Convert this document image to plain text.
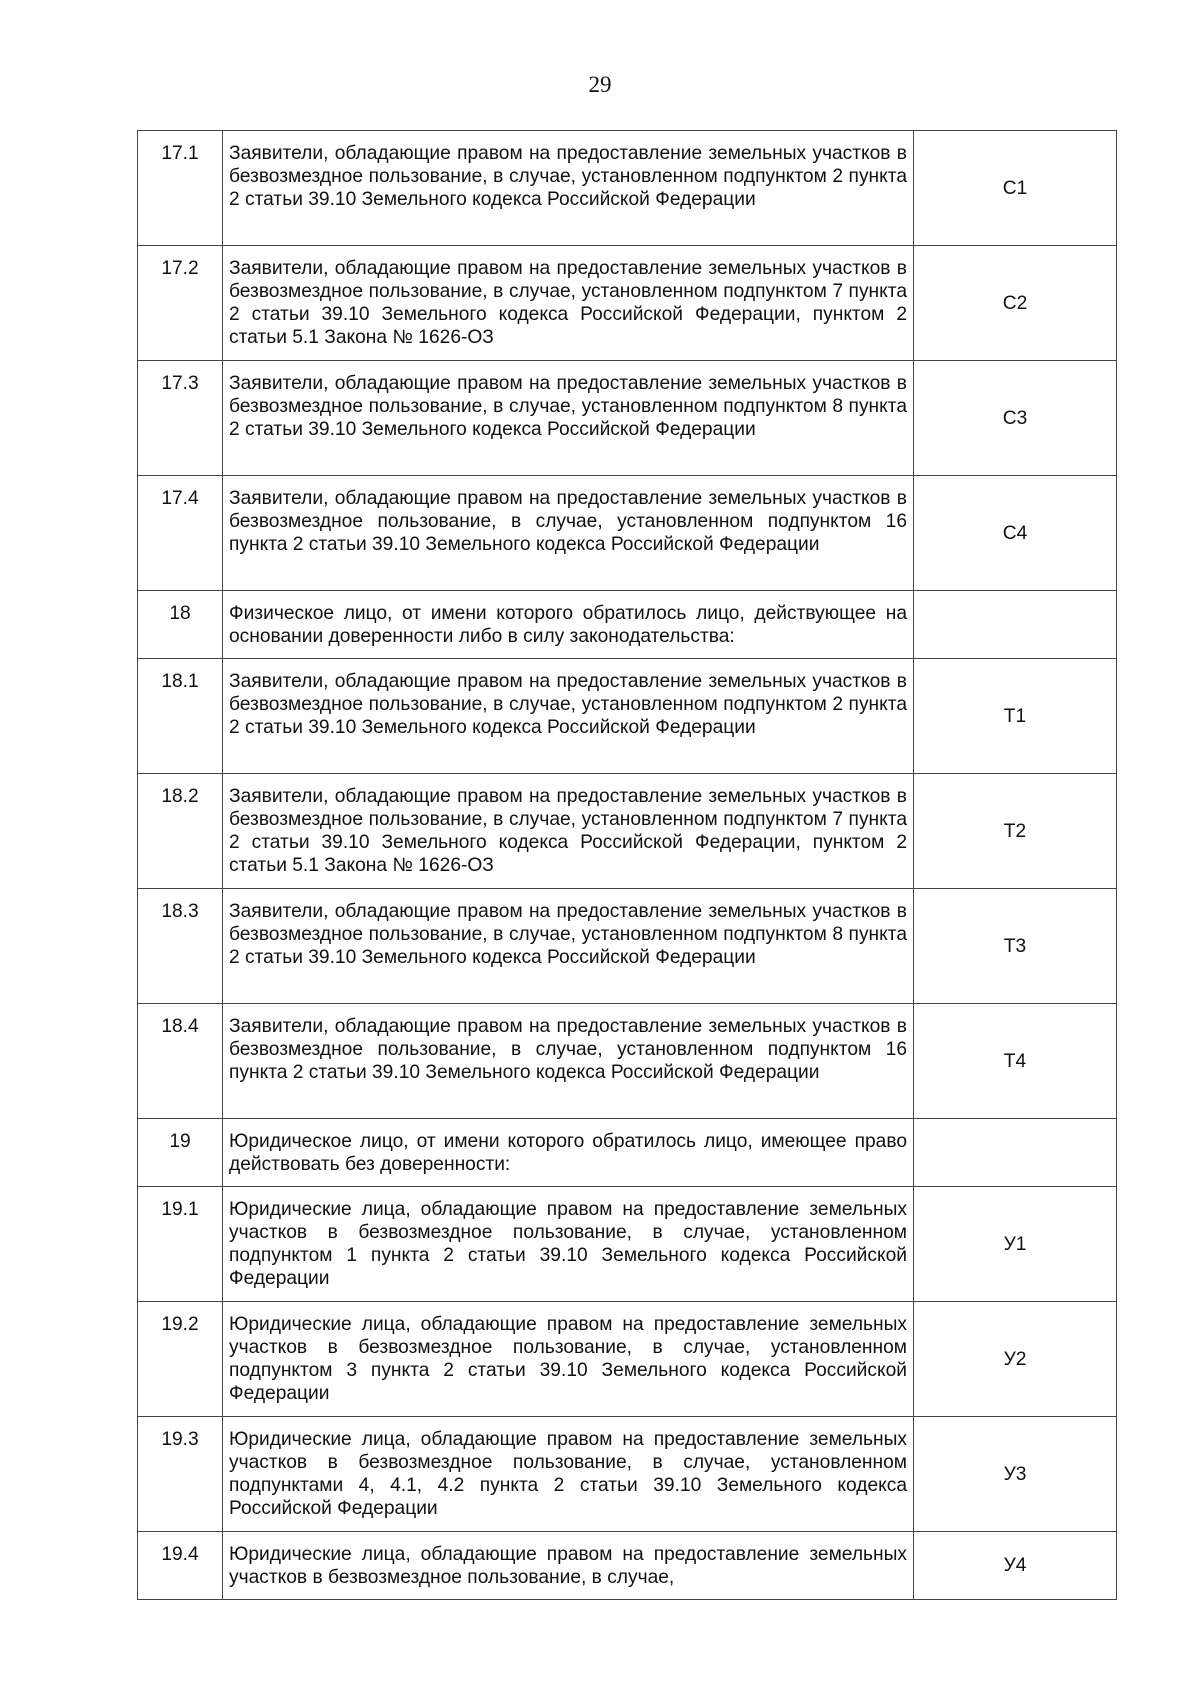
29
17.1	Заявители, обладающие правом на предоставление земельных участков в безвозмездное пользование, в случае, установленном подпунктом 2 пункта 2 статьи 39.10 Земельного кодекса Российской Федерации	С1
17.2	Заявители, обладающие правом на предоставление земельных участков в безвозмездное пользование, в случае, установленном подпунктом 7 пункта 2 статьи 39.10 Земельного кодекса Российской Федерации, пунктом 2 статьи 5.1 Закона № 1626-ОЗ	С2
17.3	Заявители, обладающие правом на предоставление земельных участков в безвозмездное пользование, в случае, установленном подпунктом 8 пункта 2 статьи 39.10 Земельного кодекса Российской Федерации	С3
17.4	Заявители, обладающие правом на предоставление земельных участков в безвозмездное пользование, в случае, установленном подпунктом 16 пункта 2 статьи 39.10 Земельного кодекса Российской Федерации	С4
18	Физическое лицо, от имени которого обратилось лицо, действующее на основании доверенности либо в силу законодательства:	
18.1	Заявители, обладающие правом на предоставление земельных участков в безвозмездное пользование, в случае, установленном подпунктом 2 пункта 2 статьи 39.10 Земельного кодекса Российской Федерации	Т1
18.2	Заявители, обладающие правом на предоставление земельных участков в безвозмездное пользование, в случае, установленном подпунктом 7 пункта 2 статьи 39.10 Земельного кодекса Российской Федерации, пунктом 2 статьи 5.1 Закона № 1626-ОЗ	Т2
18.3	Заявители, обладающие правом на предоставление земельных участков в безвозмездное пользование, в случае, установленном подпунктом 8 пункта 2 статьи 39.10 Земельного кодекса Российской Федерации	Т3
18.4	Заявители, обладающие правом на предоставление земельных участков в безвозмездное пользование, в случае, установленном подпунктом 16 пункта 2 статьи 39.10 Земельного кодекса Российской Федерации	Т4
19	Юридическое лицо, от имени которого обратилось лицо, имеющее право действовать без доверенности:	
19.1	Юридические лица, обладающие правом на предоставление земельных участков в безвозмездное пользование, в случае, установленном подпунктом 1 пункта 2 статьи 39.10 Земельного кодекса Российской Федерации	У1
19.2	Юридические лица, обладающие правом на предоставление земельных участков в безвозмездное пользование, в случае, установленном подпунктом 3 пункта 2 статьи 39.10 Земельного кодекса Российской Федерации	У2
19.3	Юридические лица, обладающие правом на предоставление земельных участков в безвозмездное пользование, в случае, установленном подпунктами 4, 4.1, 4.2 пункта 2 статьи 39.10 Земельного кодекса Российской Федерации	У3
19.4	Юридические лица, обладающие правом на предоставление земельных участков в безвозмездное пользование, в случае,	У4
